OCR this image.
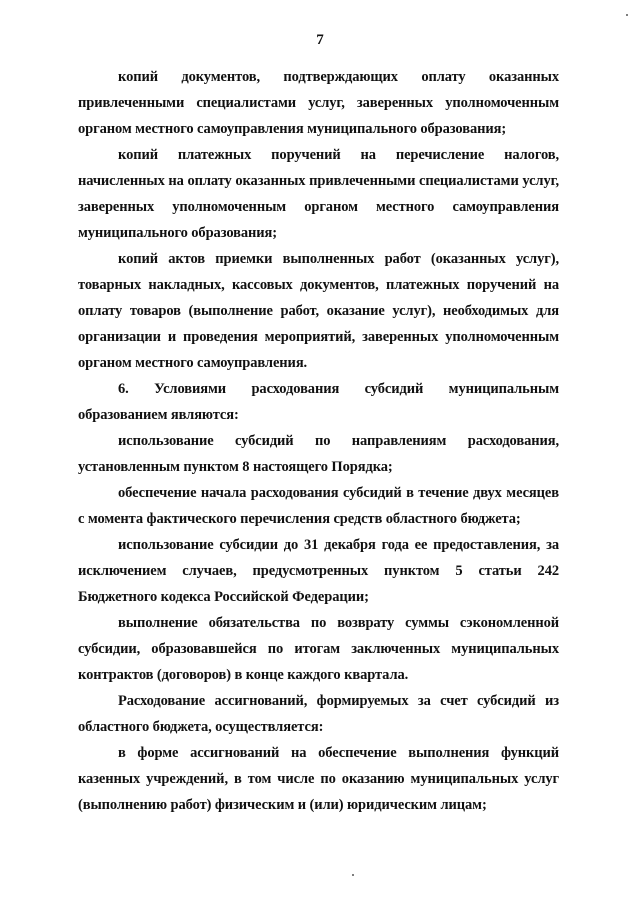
7

копий документов, подтверждающих оплату оказанных привлеченными специалистами услуг, заверенных уполномоченным органом местного самоуправления муниципального образования;

копий платежных поручений на перечисление налогов, начисленных на оплату оказанных привлеченными специалистами услуг, заверенных уполномоченным органом местного самоуправления муниципального образования;

копий актов приемки выполненных работ (оказанных услуг), товарных накладных, кассовых документов, платежных поручений на оплату товаров (выполнение работ, оказание услуг), необходимых для организации и проведения мероприятий, заверенных уполномоченным органом местного самоуправления.

6. Условиями расходования субсидий муниципальным образованием являются:

использование субсидий по направлениям расходования, установленным пунктом 8 настоящего Порядка;

обеспечение начала расходования субсидий в течение двух месяцев с момента фактического перечисления средств областного бюджета;

использование субсидии до 31 декабря года ее предоставления, за исключением случаев, предусмотренных пунктом 5 статьи 242 Бюджетного кодекса Российской Федерации;

выполнение обязательства по возврату суммы сэкономленной субсидии, образовавшейся по итогам заключенных муниципальных контрактов (договоров) в конце каждого квартала.

Расходование ассигнований, формируемых за счет субсидий из областного бюджета, осуществляется:

в форме ассигнований на обеспечение выполнения функций казенных учреждений, в том числе по оказанию муниципальных услуг (выполнению работ) физическим и (или) юридическим лицам;
